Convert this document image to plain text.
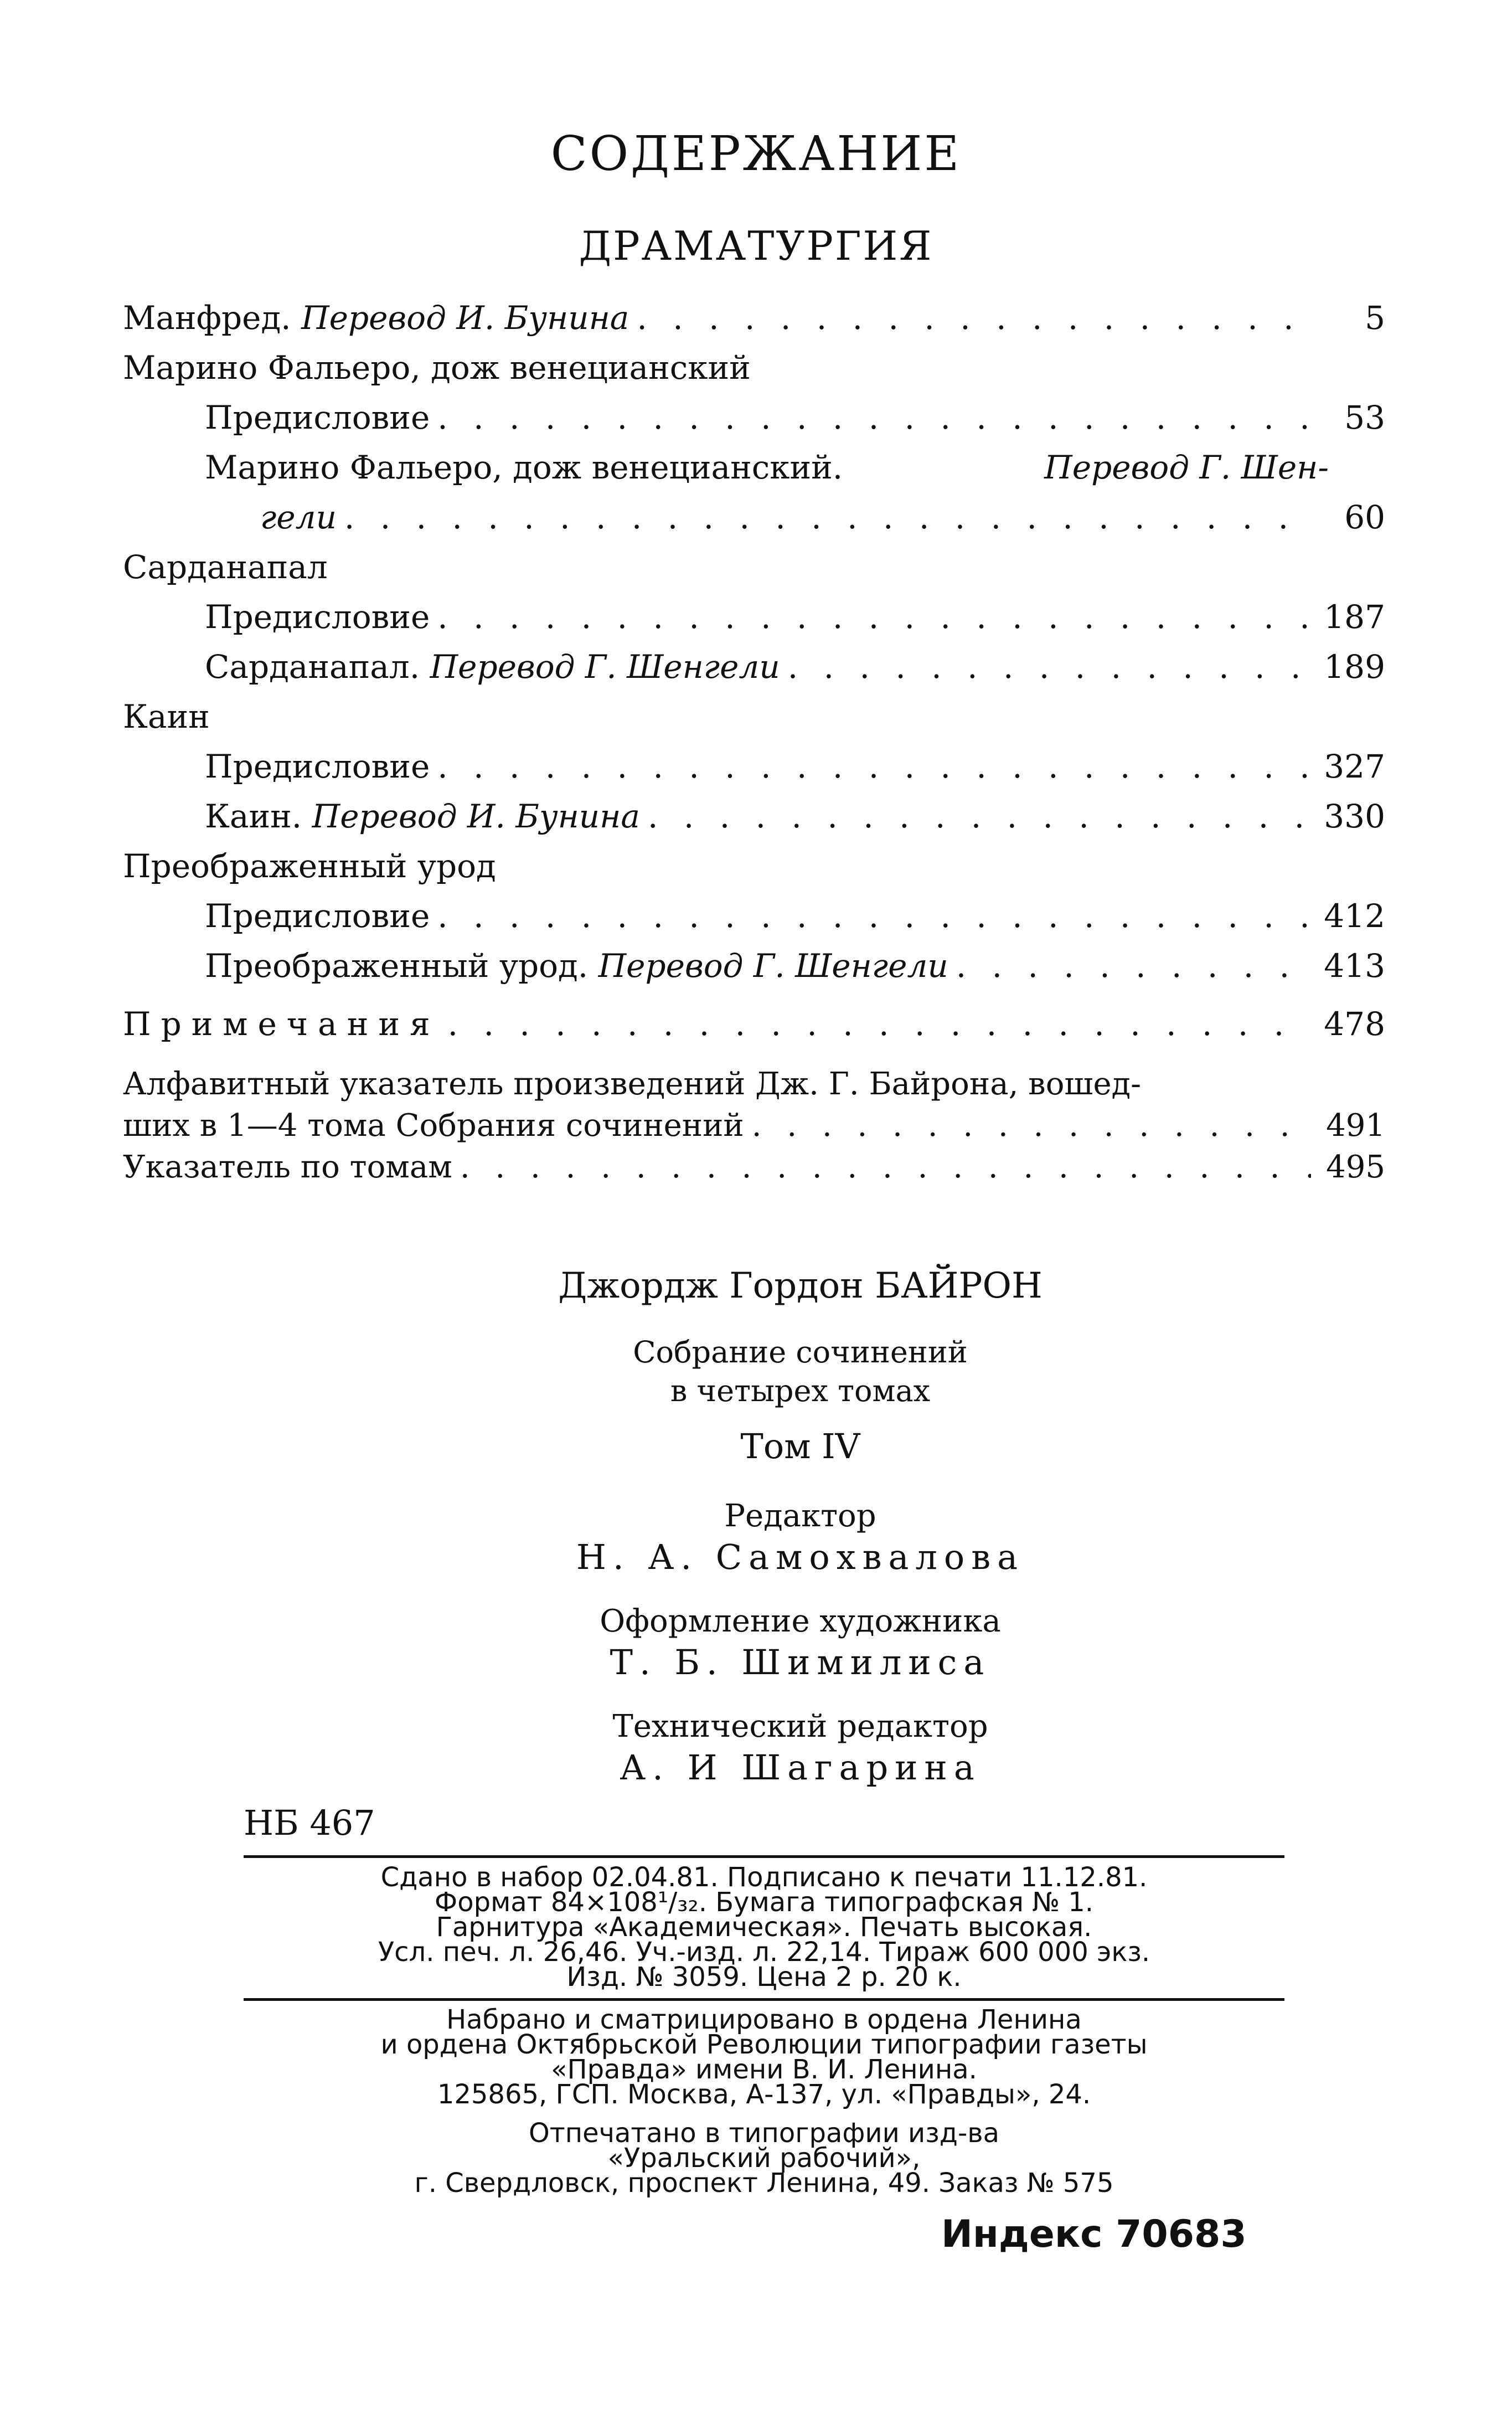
СОДЕРЖАНИЕ
ДРАМАТУРГИЯ
Манфред. Перевод И. Бунина . . .	5
Марино Фальеро, дож венецианский
Предисловие . . .	53
Марино Фальеро, дож венецианский.	Перевод Г. Шен-
гели . . .	60
Сарданапал
Предисловие . . .	187
Сарданапал. Перевод Г. Шенгели . . .	189
Каин
Предисловие . . .	327
Каин. Перевод И. Бунина . . .	330
Преображенный урод
Предисловие . . .	412
Преображенный урод. Перевод Г. Шенгели . . .	413
Примечания . . .	478
Алфавитный указатель произведений Дж. Г. Байрона, вошед-
ших в 1—4 тома Собрания сочинений . . .	491
Указатель по томам . . .	495
Джордж Гордон БАЙРОН
Собрание сочинений
в четырех томах
Том IV
Редактор
Н. А. Самохвалова
Оформление художника
Т. Б. Шимилиса
Технический редактор
А. И Шагарина
НБ 467
Сдано в набор 02.04.81. Подписано к печати 11.12.81.
Формат 84×108¹/₃₂. Бумага типографская № 1.
Гарнитура «Академическая». Печать высокая.
Усл. печ. л. 26,46. Уч.-изд. л. 22,14. Тираж 600 000 экз.
Изд. № 3059. Цена 2 р. 20 к.
Набрано и сматрицировано в ордена Ленина
и ордена Октябрьской Революции типографии газеты
«Правда» имени В. И. Ленина.
125865, ГСП. Москва, А-137, ул. «Правды», 24.
Отпечатано в типографии изд-ва
«Уральский рабочий»,
г. Свердловск, проспект Ленина, 49. Заказ № 575
Индекс 70683
